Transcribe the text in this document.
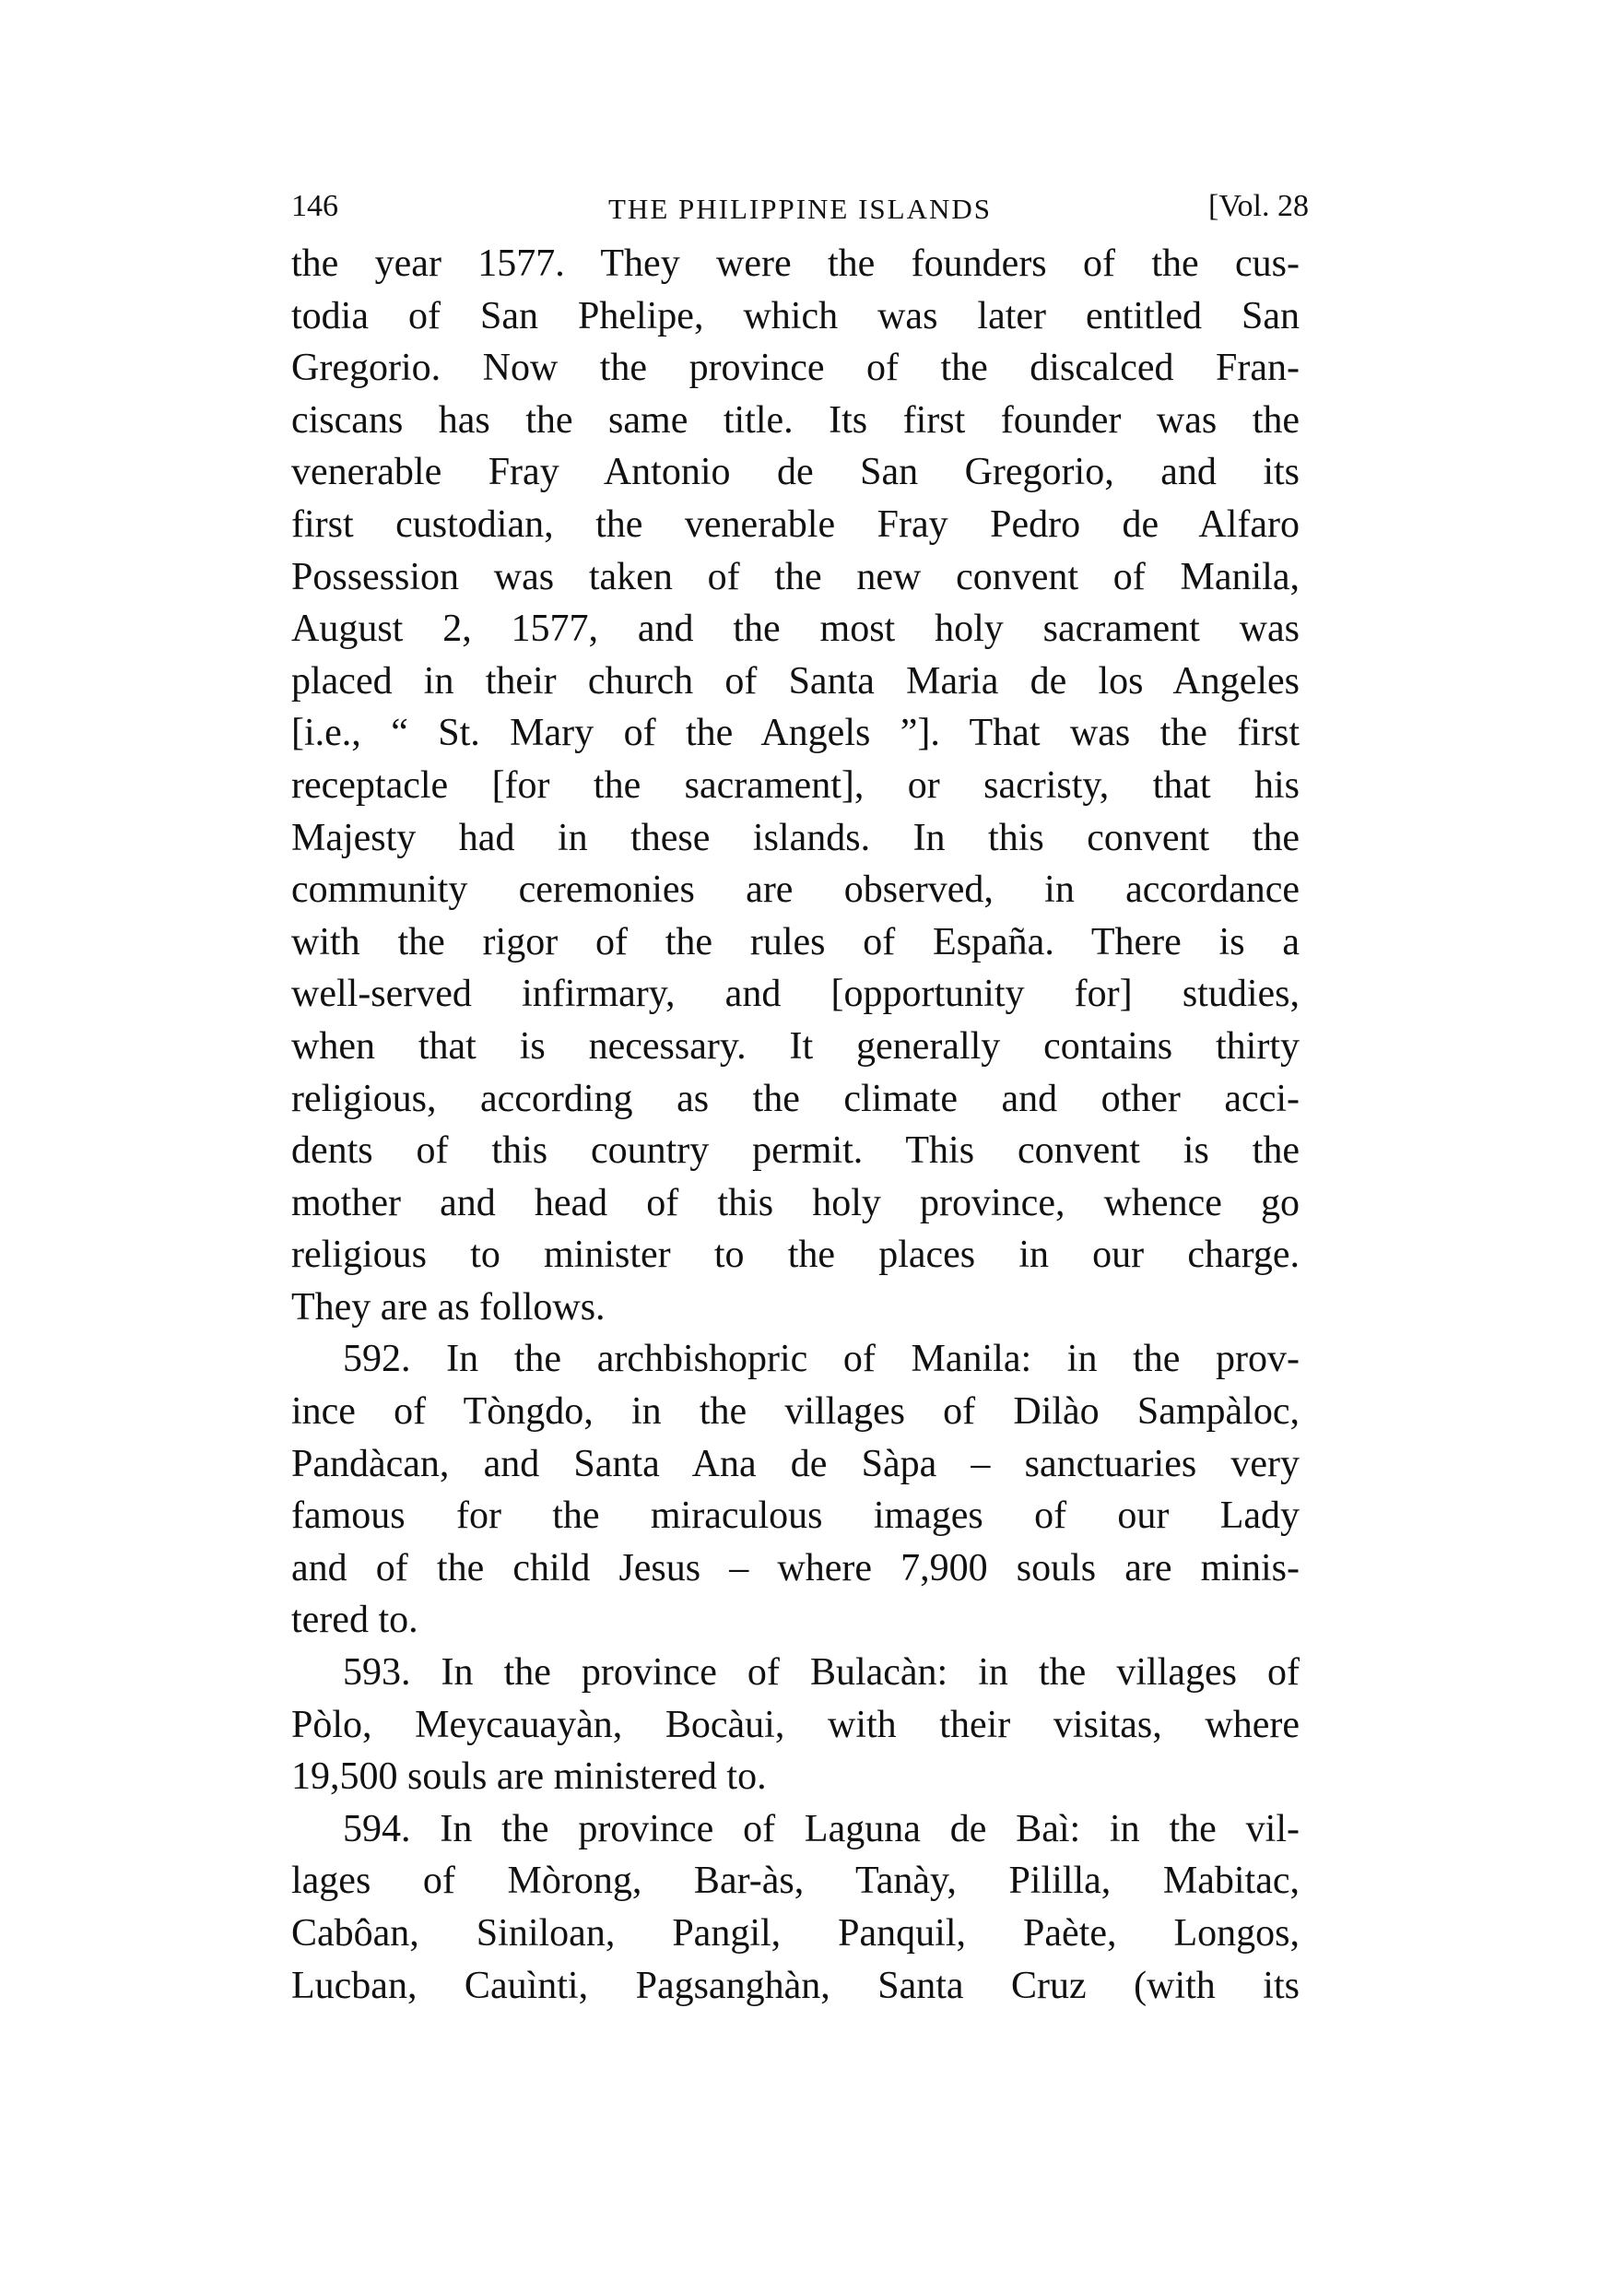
146	THE PHILIPPINE ISLANDS	[Vol. 28
the year 1577. They were the founders of the cus-
todia of San Phelipe, which was later entitled San
Gregorio. Now the province of the discalced Fran-
ciscans has the same title. Its first founder was the
venerable Fray Antonio de San Gregorio, and its
first custodian, the venerable Fray Pedro de Alfaro
Possession was taken of the new convent of Manila,
August 2, 1577, and the most holy sacrament was
placed in their church of Santa Maria de los Angeles
[i.e., “ St. Mary of the Angels ”]. That was the first
receptacle [for the sacrament], or sacristy, that his
Majesty had in these islands. In this convent the
community ceremonies are observed, in accordance
with the rigor of the rules of España. There is a
well-served infirmary, and [opportunity for] studies,
when that is necessary. It generally contains thirty
religious, according as the climate and other acci-
dents of this country permit. This convent is the
mother and head of this holy province, whence go
religious to minister to the places in our charge.
They are as follows.
592. In the archbishopric of Manila: in the prov-
ince of Tòngdo, in the villages of Dilào Sampàloc,
Pandàcan, and Santa Ana de Sàpa – sanctuaries very
famous for the miraculous images of our Lady
and of the child Jesus – where 7,900 souls are minis-
tered to.
593. In the province of Bulacàn: in the villages of
Pòlo, Meycauayàn, Bocàui, with their visitas, where
19,500 souls are ministered to.
594. In the province of Laguna de Baì: in the vil-
lages of Mòrong, Bar-às, Tanày, Pililla, Mabitac,
Cabôan, Siniloan, Pangil, Panquil, Paète, Longos,
Lucban, Cauìnti, Pagsanghàn, Santa Cruz (with its
